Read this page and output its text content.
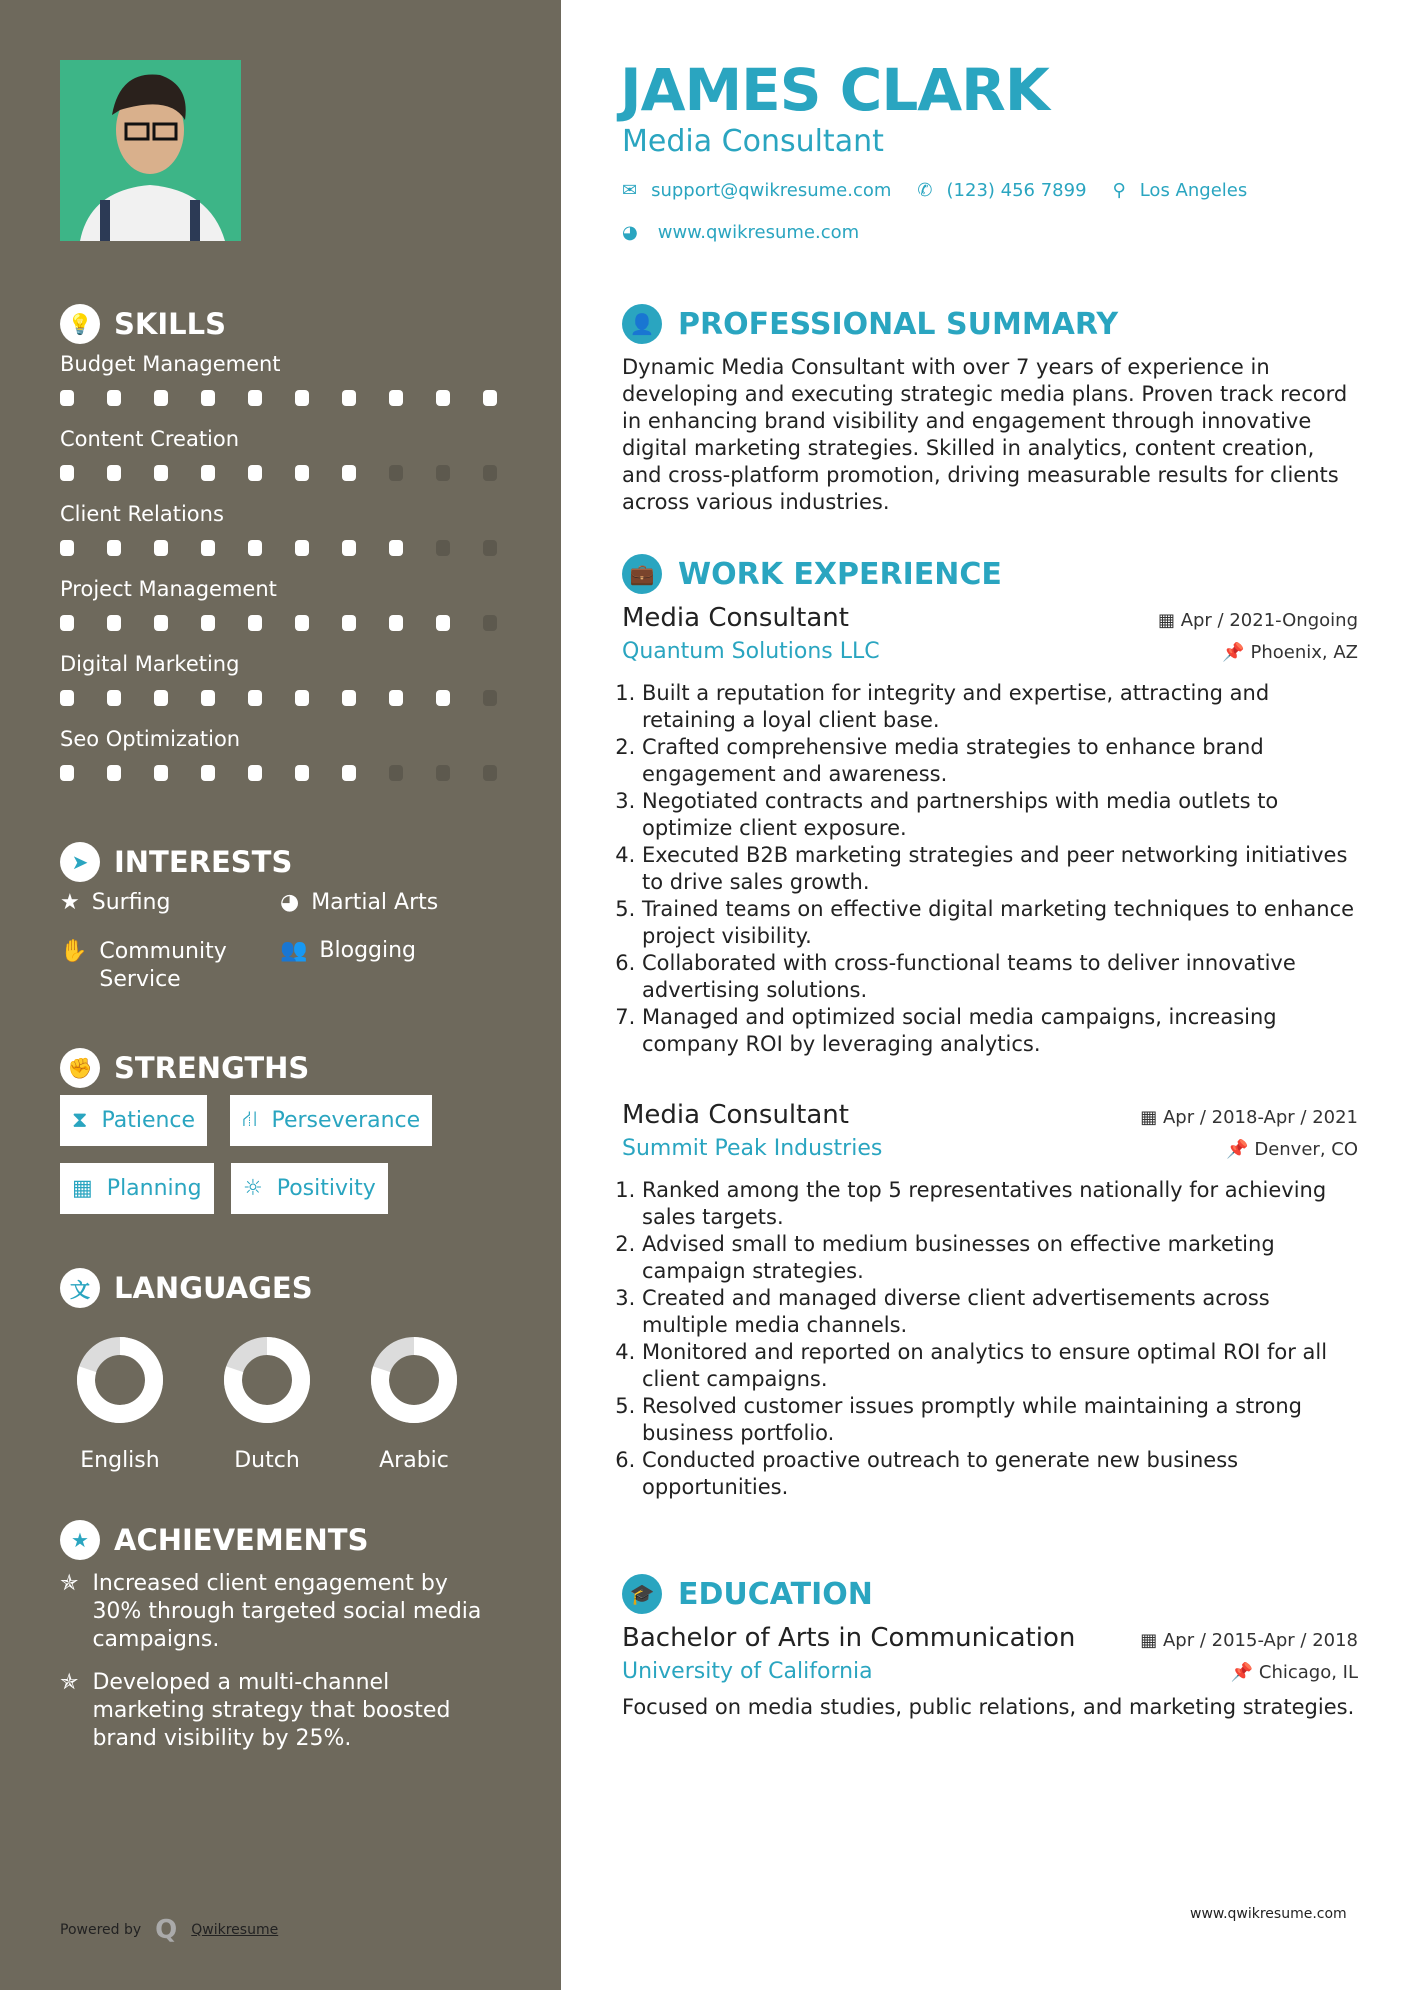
💡 SKILLS
Budget Management
Content Creation
Client Relations
Project Management
Digital Marketing
Seo Optimization
➤ INTERESTS
★ Surfing	◕ Martial Arts
✋ Community Service
👥 Blogging
✊ STRENGTHS
⧗ Patience ⛙ Perseverance
▦ Planning ☼ Positivity
文 LANGUAGES
English	Dutch	Arabic
★ ACHIEVEMENTS
✯ Increased client engagement by 30% through targeted social media campaigns.
✯ Developed a multi-channel marketing strategy that boosted brand visibility by 25%.
Powered by Q Qwikresume
JAMES CLARK
Media Consultant
✉ support@qwikresume.com ✆ (123) 456 7899 ⚲ Los Angeles
◕ www.qwikresume.com
👤 PROFESSIONAL SUMMARY
Dynamic Media Consultant with over 7 years of experience in developing and executing strategic media plans. Proven track record in enhancing brand visibility and engagement through innovative digital marketing strategies. Skilled in analytics, content creation, and cross-platform promotion, driving measurable results for clients across various industries.
💼 WORK EXPERIENCE
Media Consultant	▦ Apr / 2021-Ongoing
Quantum Solutions LLC	📌 Phoenix, AZ
1. Built a reputation for integrity and expertise, attracting and retaining a loyal client base.
2. Crafted comprehensive media strategies to enhance brand engagement and awareness.
3. Negotiated contracts and partnerships with media outlets to optimize client exposure.
4. Executed B2B marketing strategies and peer networking initiatives to drive sales growth.
5. Trained teams on effective digital marketing techniques to enhance project visibility.
6. Collaborated with cross-functional teams to deliver innovative advertising solutions.
7. Managed and optimized social media campaigns, increasing company ROI by leveraging analytics.
Media Consultant	▦ Apr / 2018-Apr / 2021
Summit Peak Industries	📌 Denver, CO
1. Ranked among the top 5 representatives nationally for achieving sales targets.
2. Advised small to medium businesses on effective marketing campaign strategies.
3. Created and managed diverse client advertisements across multiple media channels.
4. Monitored and reported on analytics to ensure optimal ROI for all client campaigns.
5. Resolved customer issues promptly while maintaining a strong business portfolio.
6. Conducted proactive outreach to generate new business opportunities.
🎓 EDUCATION
Bachelor of Arts in Communication	▦ Apr / 2015-Apr / 2018
University of California	📌 Chicago, IL
Focused on media studies, public relations, and marketing strategies.
www.qwikresume.com
